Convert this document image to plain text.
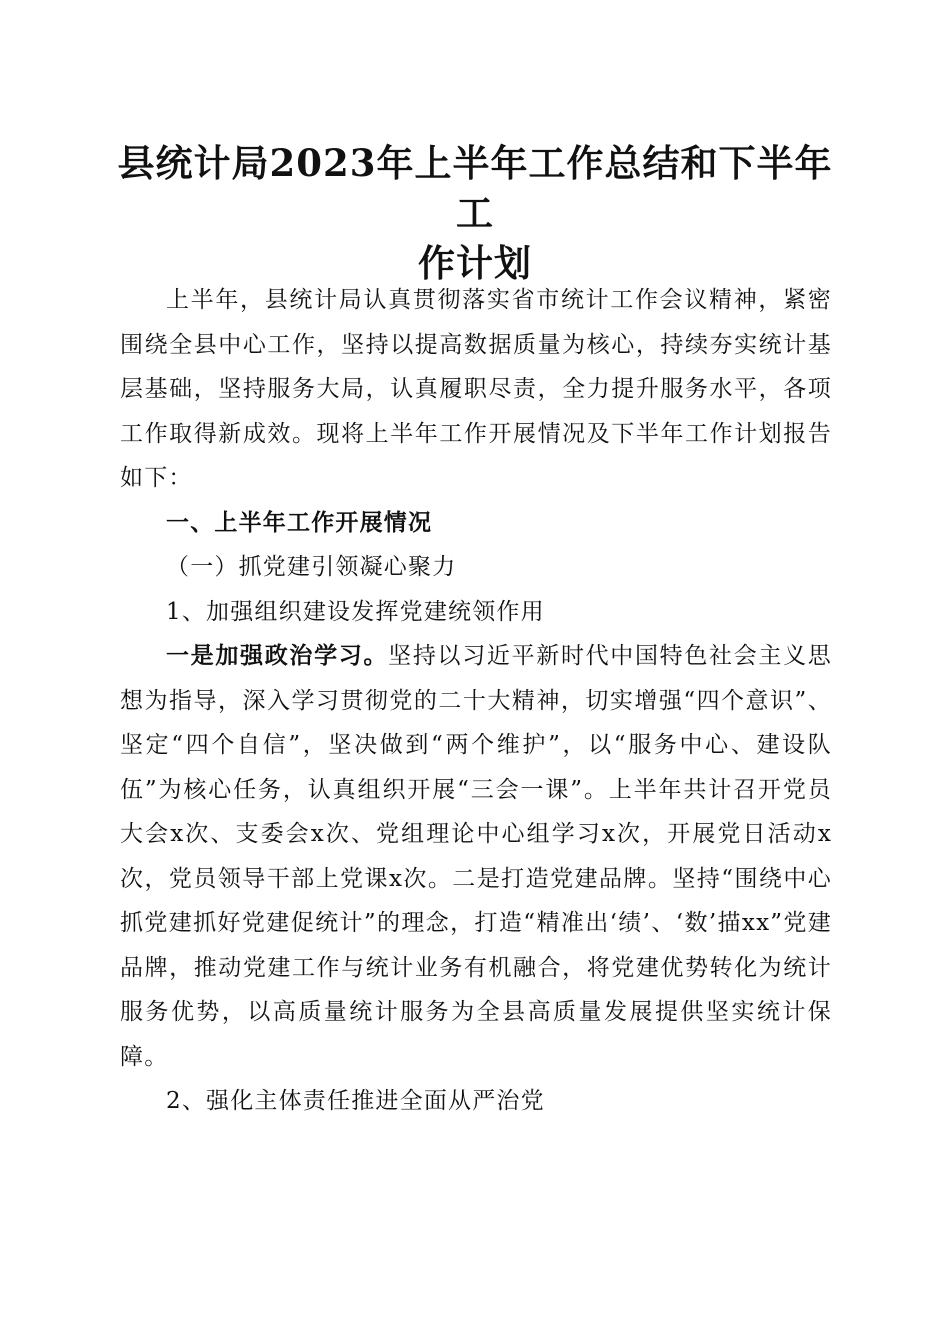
县统计局2023年上半年工作总结和下半年工
作计划

上半年，县统计局认真贯彻落实省市统计工作会议精神，紧密围绕全县中心工作，坚持以提高数据质量为核心，持续夯实统计基层基础，坚持服务大局，认真履职尽责，全力提升服务水平，各项工作取得新成效。现将上半年工作开展情况及下半年工作计划报告如下：

一、上半年工作开展情况

（一）抓党建引领凝心聚力

1、加强组织建设发挥党建统领作用

一是加强政治学习。坚持以习近平新时代中国特色社会主义思想为指导，深入学习贯彻党的二十大精神，切实增强“四个意识”、坚定“四个自信”，坚决做到“两个维护”，以“服务中心、建设队伍”为核心任务，认真组织开展“三会一课”。上半年共计召开党员大会x次、支委会x次、党组理论中心组学习x次，开展党日活动x次，党员领导干部上党课x次。二是打造党建品牌。坚持“围绕中心抓党建抓好党建促统计”的理念，打造“精准出‘绩’、‘数’描xx”党建品牌，推动党建工作与统计业务有机融合，将党建优势转化为统计服务优势，以高质量统计服务为全县高质量发展提供坚实统计保障。

2、强化主体责任推进全面从严治党
